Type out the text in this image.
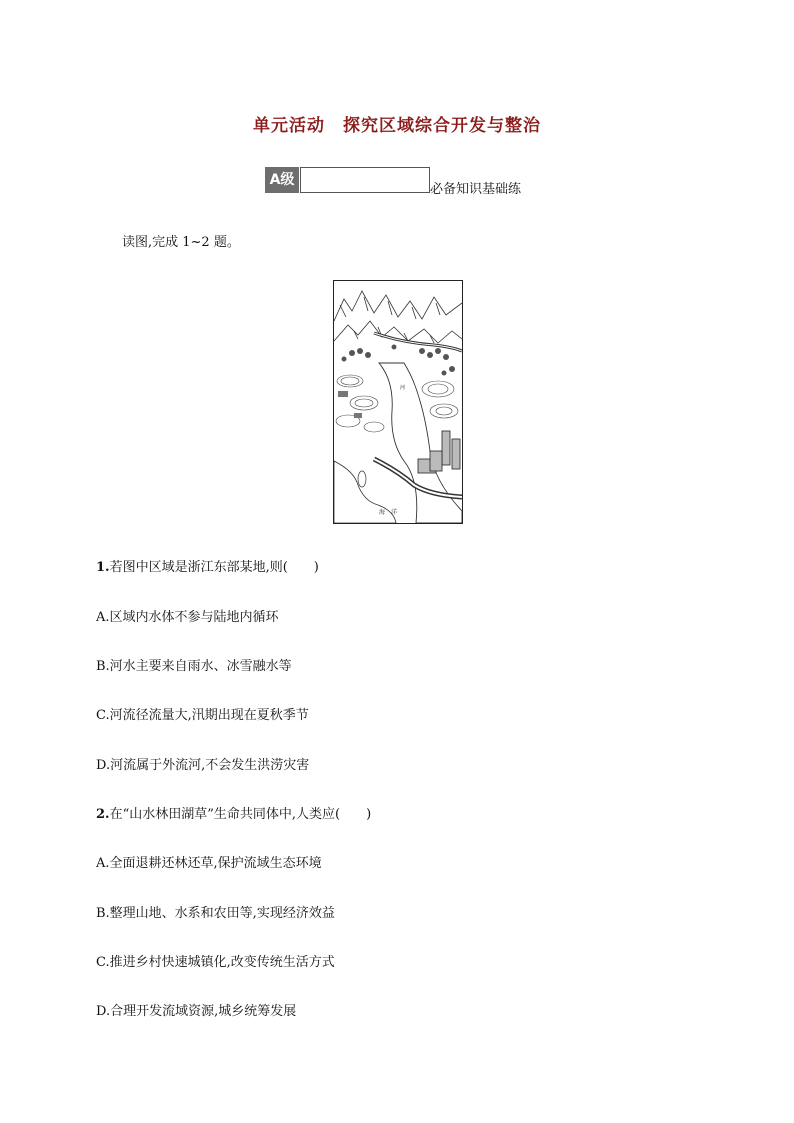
单元活动　探究区域综合开发与整治
A级
必备知识基础练
读图,完成 1~2 题。
海　洋
河
1.若图中区域是浙江东部某地,则(　　)
A.区域内水体不参与陆地内循环
B.河水主要来自雨水、冰雪融水等
C.河流径流量大,汛期出现在夏秋季节
D.河流属于外流河,不会发生洪涝灾害
2.在“山水林田湖草”生命共同体中,人类应(　　)
A.全面退耕还林还草,保护流域生态环境
B.整理山地、水系和农田等,实现经济效益
C.推进乡村快速城镇化,改变传统生活方式
D.合理开发流域资源,城乡统筹发展
